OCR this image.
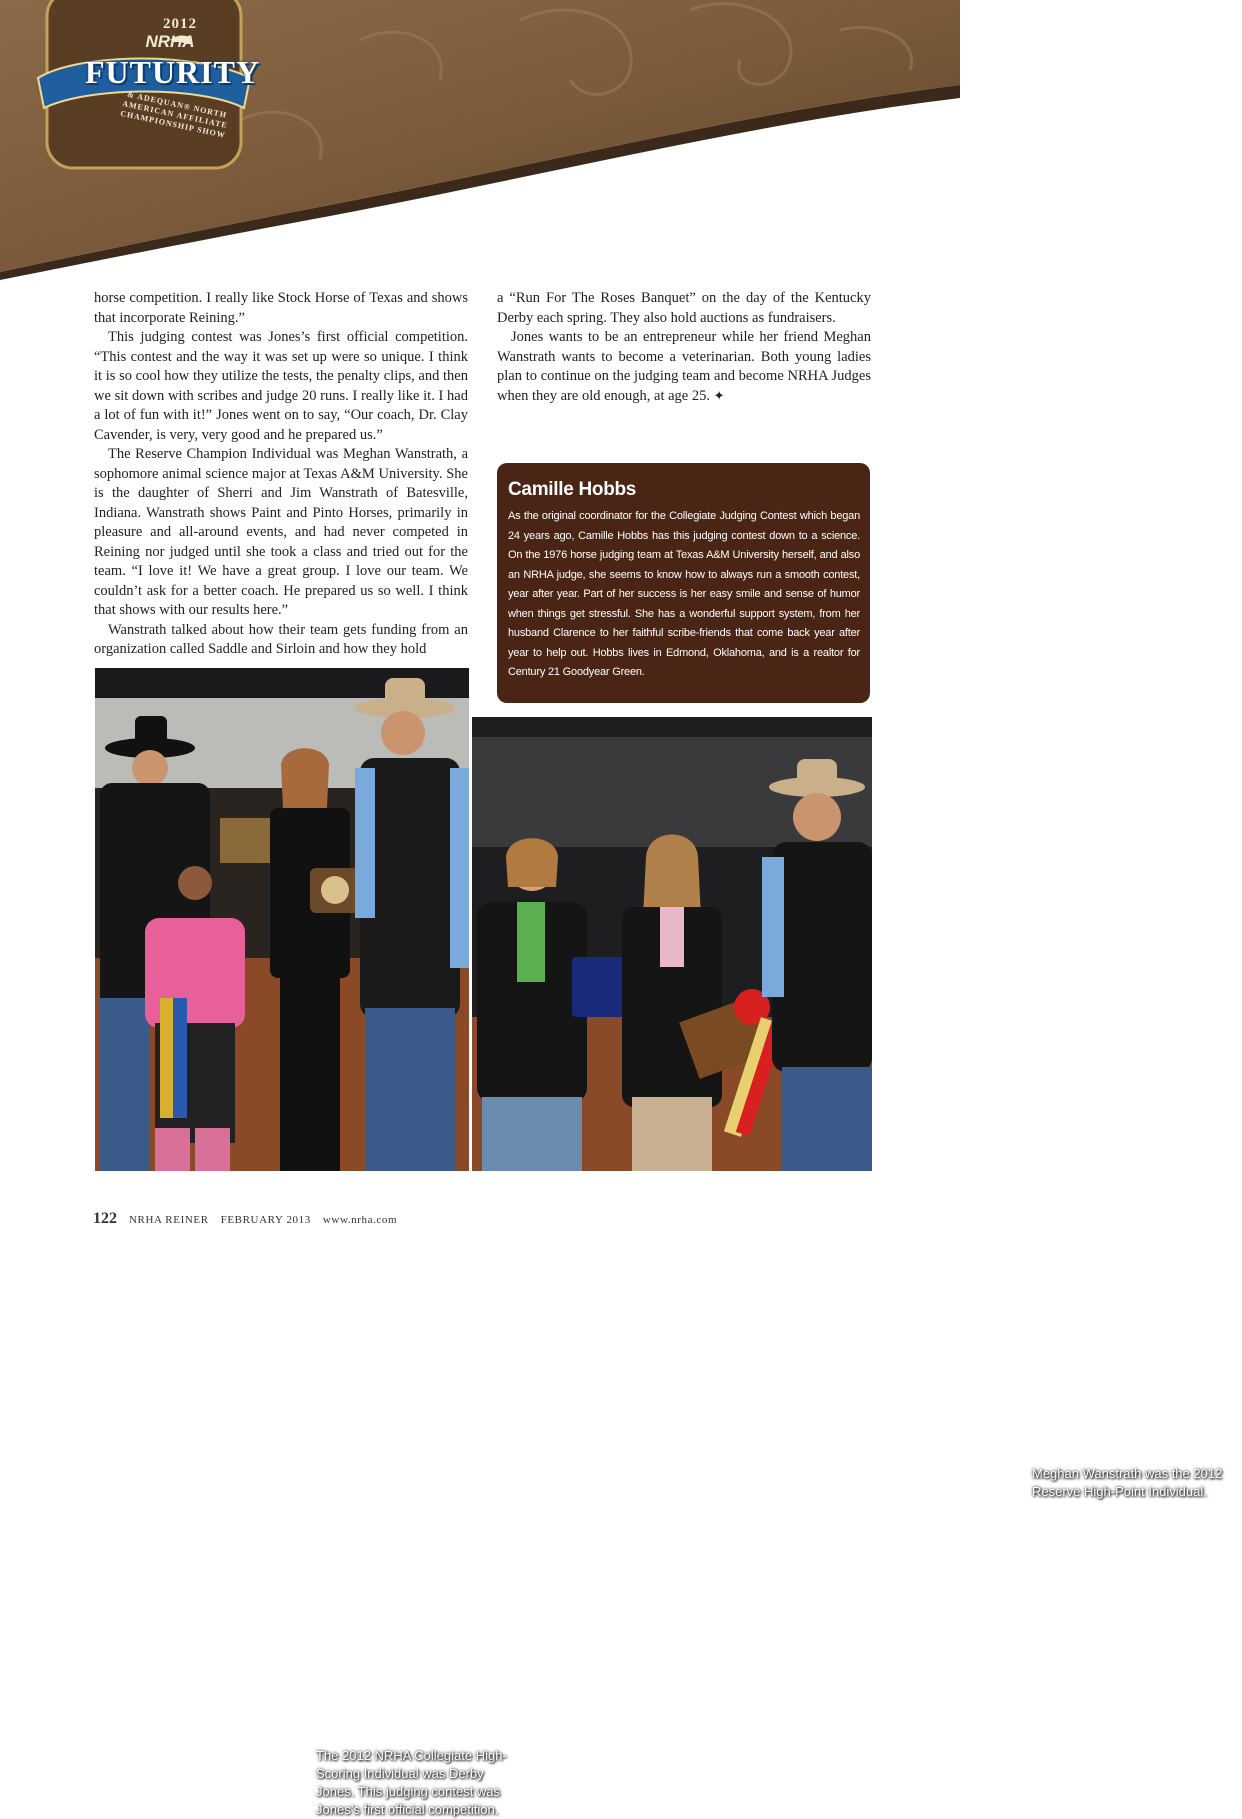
2012
NRHA
FUTURITY
& ADEQUAN® NORTH AMERICAN AFFILIATE CHAMPIONSHIP SHOW

horse competition. I really like Stock Horse of Texas and shows that incorporate Reining.”

This judging contest was Jones’s first official competition. “This contest and the way it was set up were so unique. I think it is so cool how they utilize the tests, the penalty clips, and then we sit down with scribes and judge 20 runs. I really like it. I had a lot of fun with it!” Jones went on to say, “Our coach, Dr. Clay Cavender, is very, very good and he prepared us.”

The Reserve Champion Individual was Meghan Wanstrath, a sophomore animal science major at Texas A&M University. She is the daughter of Sherri and Jim Wanstrath of Batesville, Indiana. Wanstrath shows Paint and Pinto Horses, primarily in pleasure and all-around events, and had never competed in Reining nor judged until she took a class and tried out for the team. “I love it! We have a great group. I love our team. We couldn’t ask for a better coach. He prepared us so well. I think that shows with our results here.”

Wanstrath talked about how their team gets funding from an organization called Saddle and Sirloin and how they hold

a “Run For The Roses Banquet” on the day of the Kentucky Derby each spring. They also hold auctions as fundraisers.

Jones wants to be an entrepreneur while her friend Meghan Wanstrath wants to become a veterinarian. Both young ladies plan to continue on the judging team and become NRHA Judges when they are old enough, at age 25. ✦

Camille Hobbs

As the original coordinator for the Collegiate Judging Contest which began 24 years ago, Camille Hobbs has this judging contest down to a science. On the 1976 horse judging team at Texas A&M University herself, and also an NRHA judge, she seems to know how to always run a smooth contest, year after year. Part of her success is her easy smile and sense of humor when things get stressful. She has a wonderful support system, from her husband Clarence to her faithful scribe-friends that come back year after year to help out. Hobbs lives in Edmond, Oklahoma, and is a realtor for Century 21 Goodyear Green.

The 2012 NRHA Collegiate High-Scoring Individual was Derby Jones. This judging contest was Jones’s first official competition.
Meghan Wanstrath was the 2012 Reserve High-Point Individual.
122 NRHA REINER FEBRUARY 2013 www.nrha.com
